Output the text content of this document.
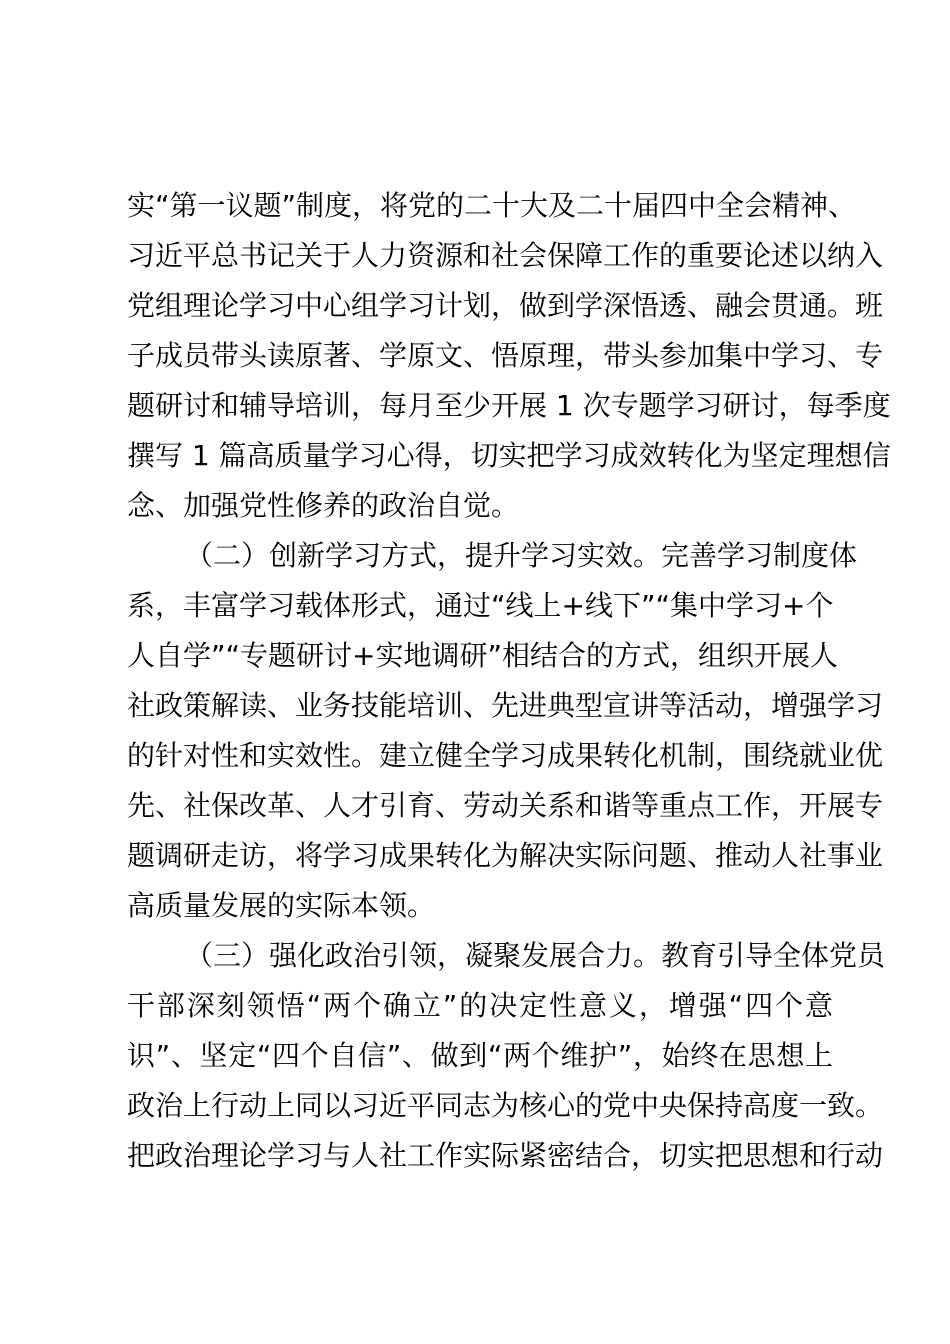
实“第一议题”制度，将党的二十大及二十届四中全会精神、
习近平总书记关于人力资源和社会保障工作的重要论述以纳入
党组理论学习中心组学习计划，做到学深悟透、融会贯通。班
子成员带头读原著、学原文、悟原理，带头参加集中学习、专
题研讨和辅导培训，每月至少开展 1 次专题学习研讨，每季度
撰写 1 篇高质量学习心得，切实把学习成效转化为坚定理想信
念、加强党性修养的政治自觉。
（二）创新学习方式，提升学习实效。完善学习制度体
系，丰富学习载体形式，通过“线上+线下”“集中学习+个
人自学”“专题研讨+实地调研”相结合的方式，组织开展人
社政策解读、业务技能培训、先进典型宣讲等活动，增强学习
的针对性和实效性。建立健全学习成果转化机制，围绕就业优
先、社保改革、人才引育、劳动关系和谐等重点工作，开展专
题调研走访，将学习成果转化为解决实际问题、推动人社事业
高质量发展的实际本领。
（三）强化政治引领，凝聚发展合力。教育引导全体党员
干部深刻领悟“两个确立”的决定性意义，增强“四个意
识”、坚定“四个自信”、做到“两个维护”，始终在思想上
政治上行动上同以习近平同志为核心的党中央保持高度一致。
把政治理论学习与人社工作实际紧密结合，切实把思想和行动
